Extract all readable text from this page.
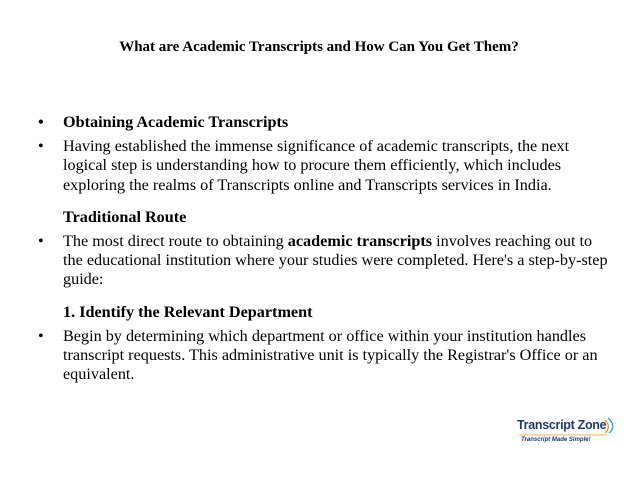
What are Academic Transcripts and How Can You Get Them?
• Obtaining Academic Transcripts
• Having established the immense significance of academic transcripts, the next logical step is understanding how to procure them efficiently, which includes exploring the realms of Transcripts online and Transcripts services in India.
Traditional Route
• The most direct route to obtaining academic transcripts involves reaching out to the educational institution where your studies were completed. Here's a step-by-step guide:
1. Identify the Relevant Department
• Begin by determining which department or office within your institution handles transcript requests. This administrative unit is typically the Registrar's Office or an equivalent.
Transcript Zone
Transcript Made Simple!
